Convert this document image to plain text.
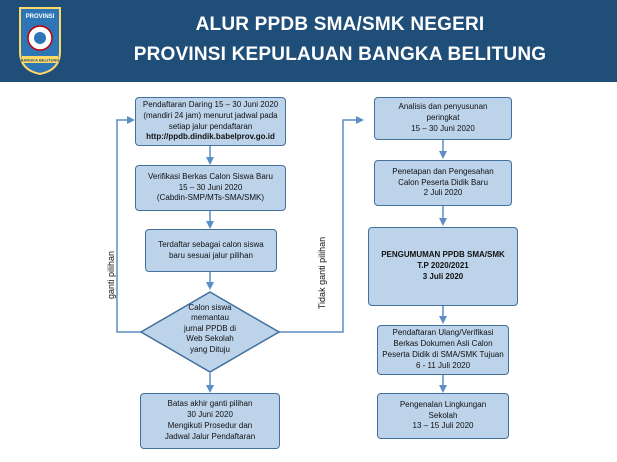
PROVINSI
BANGKA BELITUNG
ALUR PPDB SMA/SMK NEGERI
PROVINSI KEPULAUAN BANGKA BELITUNG
Pendaftaran Daring 15 – 30 Juni 2020
(mandiri 24 jam) menurut jadwal pada
setiap jalur pendaftaran
http://ppdb.dindik.babelprov.go.id
Verifikasi Berkas Calon Siswa Baru
15 – 30 Juni 2020
(Cabdin-SMP/MTs-SMA/SMK)
Terdaftar sebagai calon siswa
baru sesuai jalur pilihan
Calon siswa
memantau
jurnal PPDB di
Web Sekolah
yang Dituju
Batas akhir ganti pilihan
30 Juni 2020
Mengikuti Prosedur dan
Jadwal Jalur Pendaftaran
ganti pilihan	Tidak ganti pilihan
Analisis dan penyusunan
peringkat
15 – 30 Juni 2020
Penetapan dan Pengesahan
Calon Peserta Didik Baru
2 Juli 2020
PENGUMUMAN PPDB SMA/SMK
T.P 2020/2021
3 Juli 2020
Pendaftaran Ulang/Verifikasi
Berkas Dokumen Asli Calon
Peserta Didik di SMA/SMK Tujuan
6 - 11 Juli 2020
Pengenalan Lingkungan
Sekolah
13 – 15 Juli 2020
